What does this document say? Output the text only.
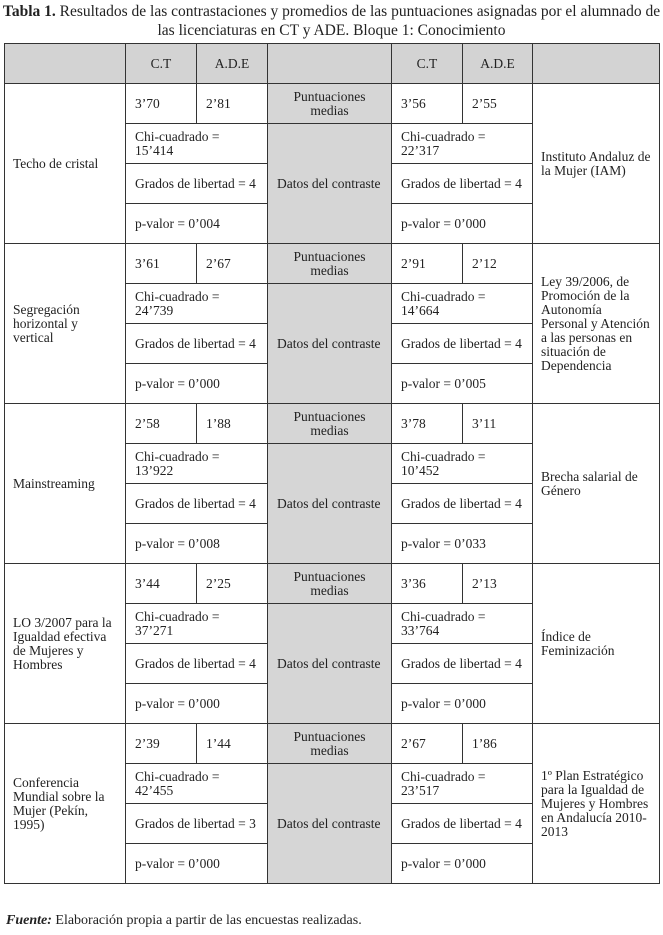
Tabla 1. Resultados de las contrastaciones y promedios de las puntuaciones asignadas por el alumnado de las licenciaturas en CT y ADE. Bloque 1: Conocimiento
	C.T	A.D.E		C.T	A.D.E	
Techo de cristal	3’70	2’81	Puntuaciones medias	3’56	2’55	Instituto Andaluz de la Mujer (IAM)
	Chi-cuadrado = 15’414		Datos del contraste	Chi-cuadrado = 22’317		
	Grados de libertad = 4			Grados de libertad = 4		
	p-valor = 0’004			p-valor = 0’000		
Segregación horizontal y vertical	3’61	2’67	Puntuaciones medias	2’91	2’12	Ley 39/2006, de Promoción de la Autonomía Personal y Atención a las personas en situación de Dependencia
	Chi-cuadrado = 24’739		Datos del contraste	Chi-cuadrado = 14’664		
	Grados de libertad = 4			Grados de libertad = 4		
	p-valor = 0’000			p-valor = 0’005		
Mainstreaming	2’58	1’88	Puntuaciones medias	3’78	3’11	Brecha salarial de Género
	Chi-cuadrado = 13’922		Datos del contraste	Chi-cuadrado = 10’452		
	Grados de libertad = 4			Grados de libertad = 4		
	p-valor = 0’008			p-valor = 0’033		
LO 3/2007 para la Igualdad efectiva de Mujeres y Hombres	3’44	2’25	Puntuaciones medias	3’36	2’13	Índice de Feminización
	Chi-cuadrado = 37’271		Datos del contraste	Chi-cuadrado = 33’764		
	Grados de libertad = 4			Grados de libertad = 4		
	p-valor = 0’000			p-valor = 0’000		
Conferencia Mundial sobre la Mujer (Pekín, 1995)	2’39	1’44	Puntuaciones medias	2’67	1’86	1º Plan Estratégico para la Igualdad de Mujeres y Hombres en Andalucía 2010-2013
	Chi-cuadrado = 42’455		Datos del contraste	Chi-cuadrado = 23’517		
	Grados de libertad = 3			Grados de libertad = 4		
	p-valor = 0’000			p-valor = 0’000		
Fuente: Elaboración propia a partir de las encuestas realizadas.
